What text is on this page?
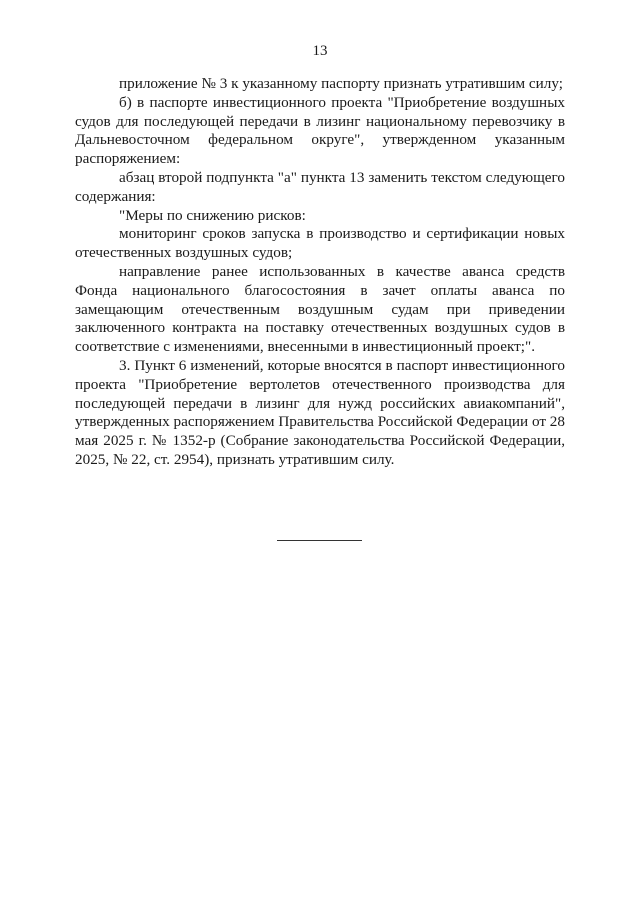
13

приложение № 3 к указанному паспорту признать утратившим силу;

б) в паспорте инвестиционного проекта "Приобретение воздушных судов для последующей передачи в лизинг национальному перевозчику в Дальневосточном федеральном округе", утвержденном указанным распоряжением:

абзац второй подпункта "а" пункта 13 заменить текстом следующего содержания:

"Меры по снижению рисков:

мониторинг сроков запуска в производство и сертификации новых отечественных воздушных судов;

направление ранее использованных в качестве аванса средств Фонда национального благосостояния в зачет оплаты аванса по замещающим отечественным воздушным судам при приведении заключенного контракта на поставку отечественных воздушных судов в соответствие с изменениями, внесенными в инвестиционный проект;".

3. Пункт 6 изменений, которые вносятся в паспорт инвестиционного проекта "Приобретение вертолетов отечественного производства для последующей передачи в лизинг для нужд российских авиакомпаний", утвержденных распоряжением Правительства Российской Федерации от 28 мая 2025 г. № 1352-р (Собрание законодательства Российской Федерации, 2025, № 22, ст. 2954), признать утратившим силу.
